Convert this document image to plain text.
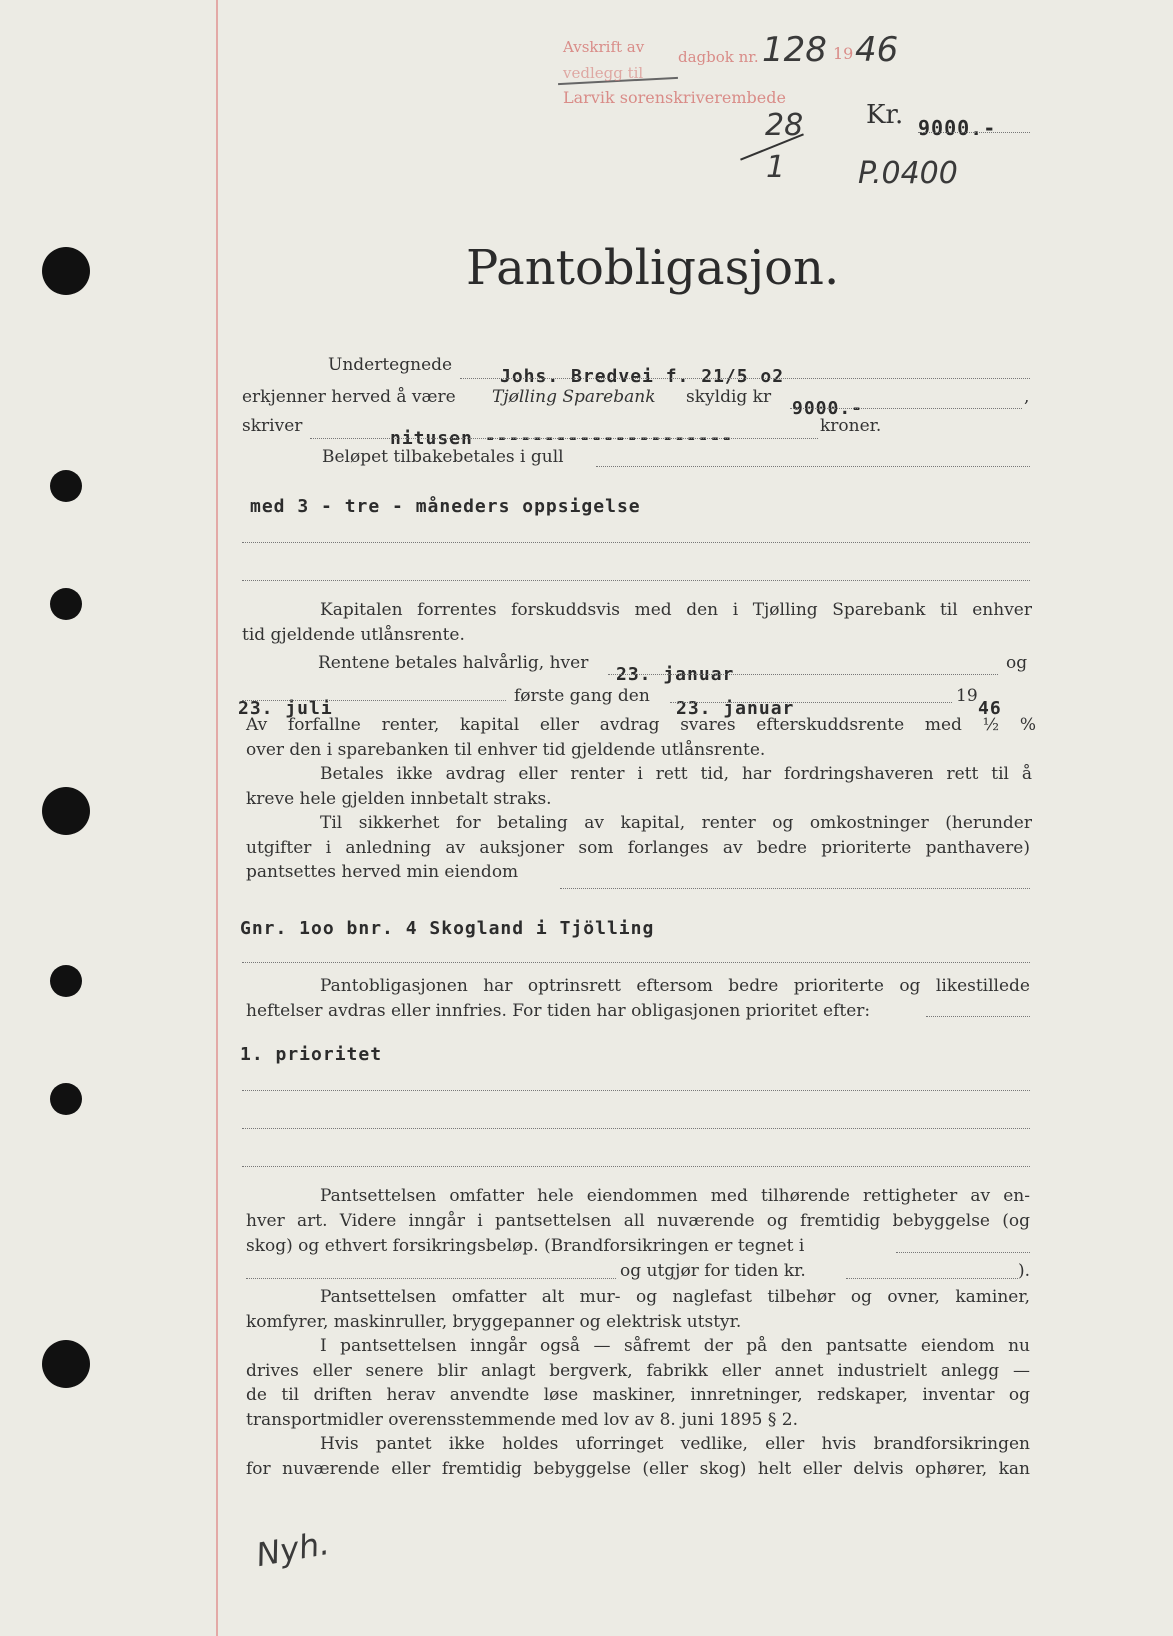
Avskrift av
dagbok nr.
vedlegg til
Larvik sorenskriverembede
128 19 46
28
1
Kr. 9000.-
P.0400
Pantobligasjon.
Undertegnede
Johs. Bredvei f. 21/5 o2
erkjenner herved å være Tjølling Sparebank skyldig kr
9000.-
,
skriver
nitusen ---------------------
kroner.
Beløpet tilbakebetales i gull
med 3 - tre - måneders oppsigelse
Kapitalen forrentes forskuddsvis med den i Tjølling Sparebank til enhver
tid gjeldende utlånsrente.
Rentene betales halvårlig, hver
23. januar
og
23. juli
første gang den
23. januar
19
46
Av forfallne renter, kapital eller avdrag svares efterskuddsrente med ½ %
over den i sparebanken til enhver tid gjeldende utlånsrente.
Betales ikke avdrag eller renter i rett tid, har fordringshaveren rett til å
kreve hele gjelden innbetalt straks.
Til sikkerhet for betaling av kapital, renter og omkostninger (herunder
utgifter i anledning av auksjoner som forlanges av bedre prioriterte panthavere)
pantsettes herved min eiendom
Gnr. 1oo bnr. 4 Skogland i Tjölling
Pantobligasjonen har optrinsrett eftersom bedre prioriterte og likestillede
heftelser avdras eller innfries. For tiden har obligasjonen prioritet efter:
1. prioritet
Pantsettelsen omfatter hele eiendommen med tilhørende rettigheter av en-
hver art. Videre inngår i pantsettelsen all nuværende og fremtidig bebyggelse (og
skog) og ethvert forsikringsbeløp. (Brandforsikringen er tegnet i
og utgjør for tiden kr.	).
Pantsettelsen omfatter alt mur- og naglefast tilbehør og ovner, kaminer,
komfyrer, maskinruller, bryggepanner og elektrisk utstyr.
I pantsettelsen inngår også — såfremt der på den pantsatte eiendom nu
drives eller senere blir anlagt bergverk, fabrikk eller annet industrielt anlegg —
de til driften herav anvendte løse maskiner, innretninger, redskaper, inventar og
transportmidler overensstemmende med lov av 8. juni 1895 § 2.
Hvis pantet ikke holdes uforringet vedlike, eller hvis brandforsikringen
for nuværende eller fremtidig bebyggelse (eller skog) helt eller delvis ophører, kan
Nyh.
